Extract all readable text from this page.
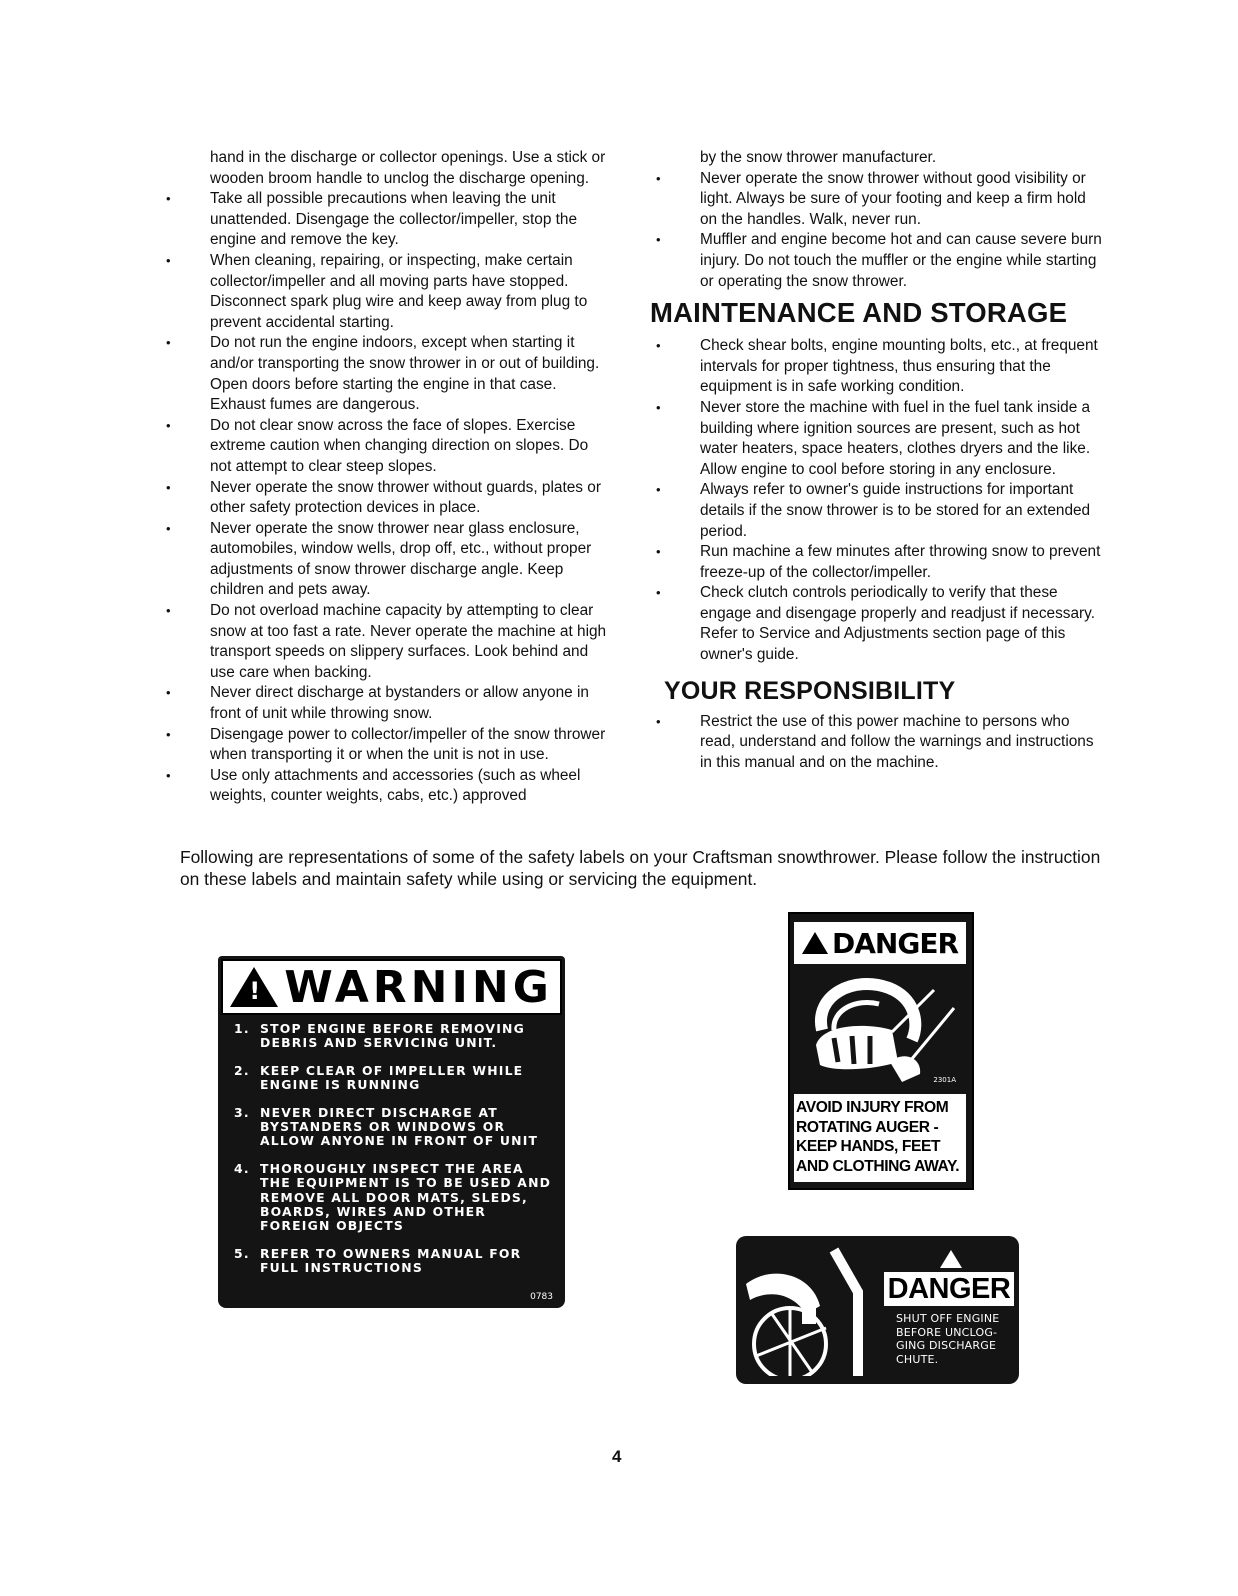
hand in the discharge or collector openings. Use a stick or wooden broom handle to unclog the discharge opening.
• Take all possible precautions when leaving the unit unattended. Disengage the collector/impeller, stop the engine and remove the key.
• When cleaning, repairing, or inspecting, make certain collector/impeller and all moving parts have stopped. Disconnect spark plug wire and keep away from plug to prevent accidental starting.
• Do not run the engine indoors, except when starting it and/or transporting the snow thrower in or out of building. Open doors before starting the engine in that case. Exhaust fumes are dangerous.
• Do not clear snow across the face of slopes. Exercise extreme caution when changing direction on slopes. Do not attempt to clear steep slopes.
• Never operate the snow thrower without guards, plates or other safety protection devices in place.
• Never operate the snow thrower near glass enclosure, automobiles, window wells, drop off, etc., without proper adjustments of snow thrower discharge angle. Keep children and pets away.
• Do not overload machine capacity by attempting to clear snow at too fast a rate. Never operate the machine at high transport speeds on slippery surfaces. Look behind and use care when backing.
• Never direct discharge at bystanders or allow anyone in front of unit while throwing snow.
• Disengage power to collector/impeller of the snow thrower when transporting it or when the unit is not in use.
• Use only attachments and accessories (such as wheel weights, counter weights, cabs, etc.) approved
by the snow thrower manufacturer.
• Never operate the snow thrower without good visibility or light. Always be sure of your footing and keep a firm hold on the handles. Walk, never run.
• Muffler and engine become hot and can cause severe burn injury. Do not touch the muffler or the engine while starting or operating the snow thrower.
MAINTENANCE AND STORAGE
• Check shear bolts, engine mounting bolts, etc., at frequent intervals for proper tightness, thus ensuring that the equipment is in safe working condition.
• Never store the machine with fuel in the fuel tank inside a building where ignition sources are present, such as hot water heaters, space heaters, clothes dryers and the like. Allow engine to cool before storing in any enclosure.
• Always refer to owner's guide instructions for important details if the snow thrower is to be stored for an extended period.
• Run machine a few minutes after throwing snow to prevent freeze-up of the collector/impeller.
• Check clutch controls periodically to verify that these engage and disengage properly and readjust if necessary. Refer to Service and Adjustments section page of this owner's guide.
YOUR RESPONSIBILITY
• Restrict the use of this power machine to persons who read, understand and follow the warnings and instructions in this manual and on the machine.
Following are representations of some of the safety labels on your Craftsman snowthrower. Please follow the instruction on these labels and maintain safety while using or servicing the equipment.
! WARNING
1. STOP ENGINE BEFORE REMOVING DEBRIS AND SERVICING UNIT.
2. KEEP CLEAR OF IMPELLER WHILE ENGINE IS RUNNING
3. NEVER DIRECT DISCHARGE AT BYSTANDERS OR WINDOWS OR ALLOW ANYONE IN FRONT OF UNIT
4. THOROUGHLY INSPECT THE AREA THE EQUIPMENT IS TO BE USED AND REMOVE ALL DOOR MATS, SLEDS, BOARDS, WIRES AND OTHER FOREIGN OBJECTS
5. REFER TO OWNERS MANUAL FOR FULL INSTRUCTIONS
0783
DANGER
2301A
AVOID INJURY FROM ROTATING AUGER - KEEP HANDS, FEET AND CLOTHING AWAY.
DANGER
SHUT OFF ENGINE BEFORE UNCLOG-GING DISCHARGE CHUTE.
4
